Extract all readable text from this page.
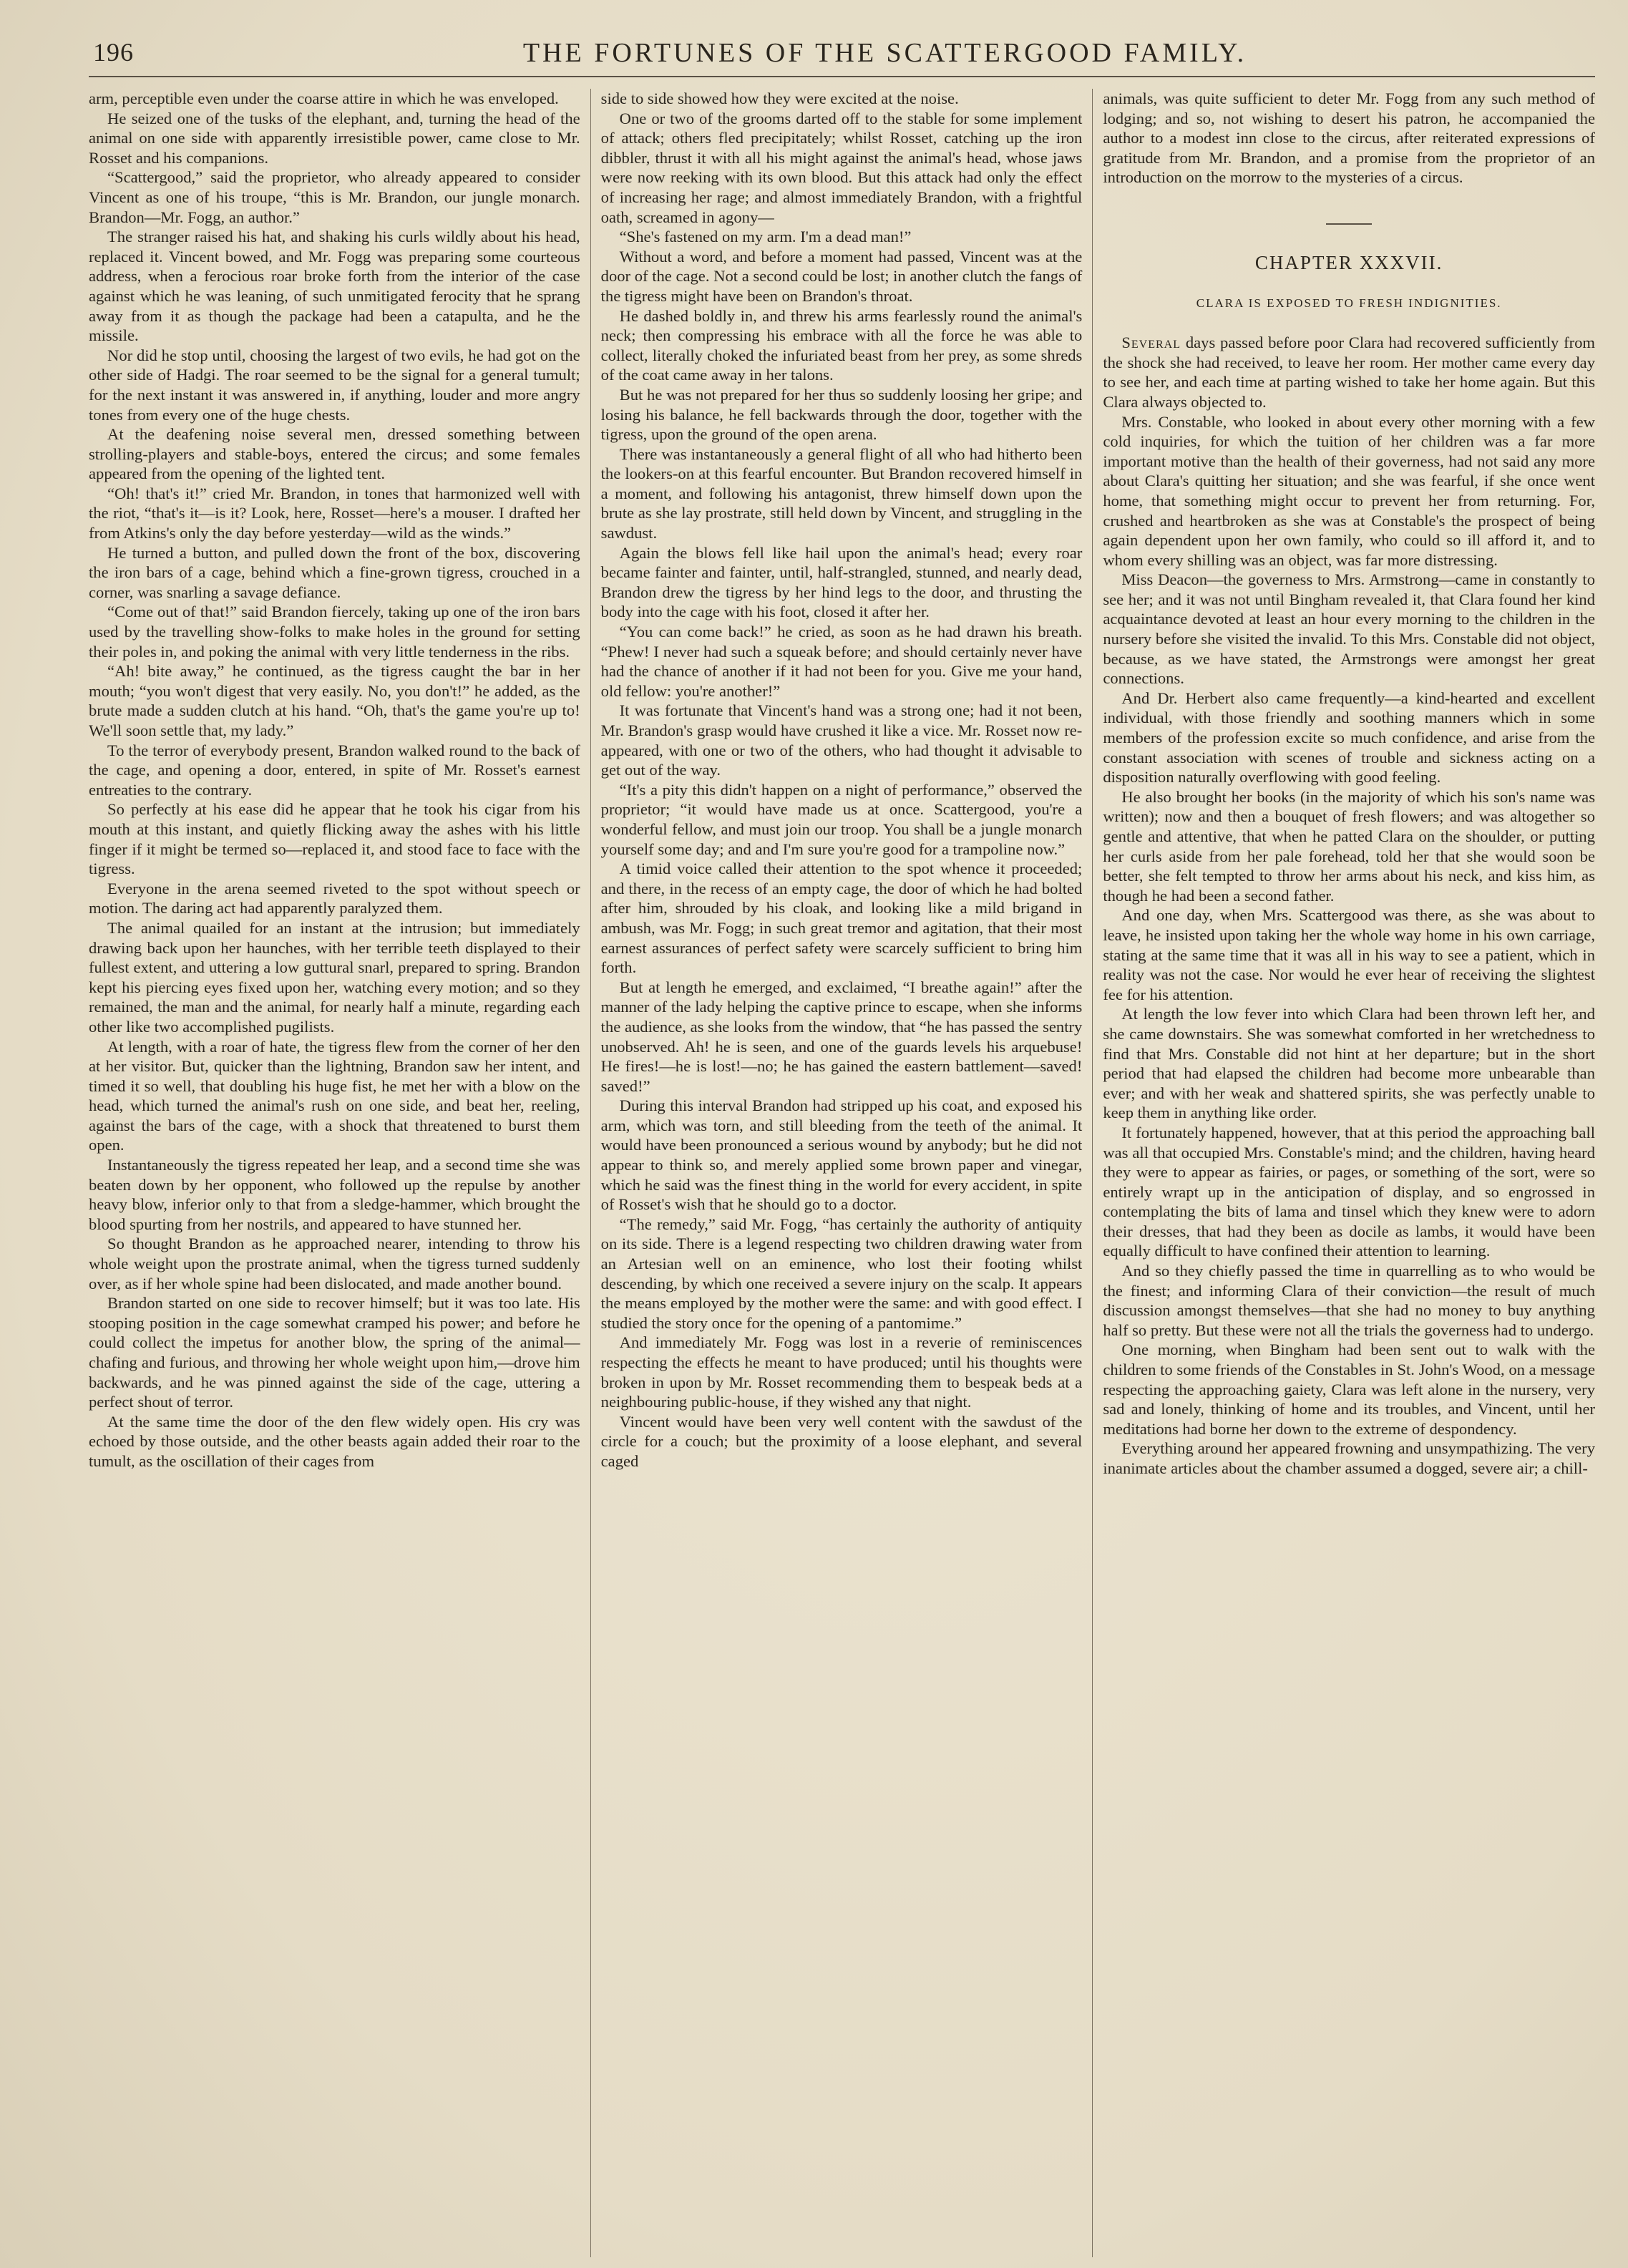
196	THE FORTUNES OF THE SCATTERGOOD FAMILY.

arm, perceptible even under the coarse attire in which he was enveloped.

He seized one of the tusks of the elephant, and, turning the head of the animal on one side with apparently irresistible power, came close to Mr. Rosset and his companions.

“Scattergood,” said the proprietor, who already appeared to consider Vincent as one of his troupe, “this is Mr. Brandon, our jungle monarch. Brandon—Mr. Fogg, an author.”

The stranger raised his hat, and shaking his curls wildly about his head, replaced it. Vincent bowed, and Mr. Fogg was preparing some courteous address, when a ferocious roar broke forth from the interior of the case against which he was leaning, of such unmitigated ferocity that he sprang away from it as though the package had been a catapulta, and he the missile.

Nor did he stop until, choosing the largest of two evils, he had got on the other side of Hadgi. The roar seemed to be the signal for a general tumult; for the next instant it was answered in, if anything, louder and more angry tones from every one of the huge chests.

At the deafening noise several men, dressed something between strolling-players and stable-boys, entered the circus; and some females appeared from the opening of the lighted tent.

“Oh! that's it!” cried Mr. Brandon, in tones that harmonized well with the riot, “that's it—is it? Look, here, Rosset—here's a mouser. I drafted her from Atkins's only the day before yesterday—wild as the winds.”

He turned a button, and pulled down the front of the box, discovering the iron bars of a cage, behind which a fine-grown tigress, crouched in a corner, was snarling a savage defiance.

“Come out of that!” said Brandon fiercely, taking up one of the iron bars used by the travelling show-folks to make holes in the ground for setting their poles in, and poking the animal with very little tenderness in the ribs.

“Ah! bite away,” he continued, as the tigress caught the bar in her mouth; “you won't digest that very easily. No, you don't!” he added, as the brute made a sudden clutch at his hand. “Oh, that's the game you're up to! We'll soon settle that, my lady.”

To the terror of everybody present, Brandon walked round to the back of the cage, and opening a door, entered, in spite of Mr. Rosset's earnest entreaties to the contrary.

So perfectly at his ease did he appear that he took his cigar from his mouth at this instant, and quietly flicking away the ashes with his little finger if it might be termed so—replaced it, and stood face to face with the tigress.

Everyone in the arena seemed riveted to the spot without speech or motion. The daring act had apparently paralyzed them.

The animal quailed for an instant at the intrusion; but immediately drawing back upon her haunches, with her terrible teeth displayed to their fullest extent, and uttering a low guttural snarl, prepared to spring. Brandon kept his piercing eyes fixed upon her, watching every motion; and so they remained, the man and the animal, for nearly half a minute, regarding each other like two accomplished pugilists.

At length, with a roar of hate, the tigress flew from the corner of her den at her visitor. But, quicker than the lightning, Brandon saw her intent, and timed it so well, that doubling his huge fist, he met her with a blow on the head, which turned the animal's rush on one side, and beat her, reeling, against the bars of the cage, with a shock that threatened to burst them open.

Instantaneously the tigress repeated her leap, and a second time she was beaten down by her opponent, who followed up the repulse by another heavy blow, inferior only to that from a sledge-hammer, which brought the blood spurting from her nostrils, and appeared to have stunned her.

So thought Brandon as he approached nearer, intending to throw his whole weight upon the prostrate animal, when the tigress turned suddenly over, as if her whole spine had been dislocated, and made another bound.

Brandon started on one side to recover himself; but it was too late. His stooping position in the cage somewhat cramped his power; and before he could collect the impetus for another blow, the spring of the animal—chafing and furious, and throwing her whole weight upon him,—drove him backwards, and he was pinned against the side of the cage, uttering a perfect shout of terror.

At the same time the door of the den flew widely open. His cry was echoed by those outside, and the other beasts again added their roar to the tumult, as the oscillation of their cages from

side to side showed how they were excited at the noise.

One or two of the grooms darted off to the stable for some implement of attack; others fled precipitately; whilst Rosset, catching up the iron dibbler, thrust it with all his might against the animal's head, whose jaws were now reeking with its own blood. But this attack had only the effect of increasing her rage; and almost immediately Brandon, with a frightful oath, screamed in agony—

“She's fastened on my arm. I'm a dead man!”

Without a word, and before a moment had passed, Vincent was at the door of the cage. Not a second could be lost; in another clutch the fangs of the tigress might have been on Brandon's throat.

He dashed boldly in, and threw his arms fearlessly round the animal's neck; then compressing his embrace with all the force he was able to collect, literally choked the infuriated beast from her prey, as some shreds of the coat came away in her talons.

But he was not prepared for her thus so suddenly loosing her gripe; and losing his balance, he fell backwards through the door, together with the tigress, upon the ground of the open arena.

There was instantaneously a general flight of all who had hitherto been the lookers-on at this fearful encounter. But Brandon recovered himself in a moment, and following his antagonist, threw himself down upon the brute as she lay prostrate, still held down by Vincent, and struggling in the sawdust.

Again the blows fell like hail upon the animal's head; every roar became fainter and fainter, until, half-strangled, stunned, and nearly dead, Brandon drew the tigress by her hind legs to the door, and thrusting the body into the cage with his foot, closed it after her.

“You can come back!” he cried, as soon as he had drawn his breath. “Phew! I never had such a squeak before; and should certainly never have had the chance of another if it had not been for you. Give me your hand, old fellow: you're another!”

It was fortunate that Vincent's hand was a strong one; had it not been, Mr. Brandon's grasp would have crushed it like a vice. Mr. Rosset now re-appeared, with one or two of the others, who had thought it advisable to get out of the way.

“It's a pity this didn't happen on a night of performance,” observed the proprietor; “it would have made us at once. Scattergood, you're a wonderful fellow, and must join our troop. You shall be a jungle monarch yourself some day; and and I'm sure you're good for a trampoline now.”

A timid voice called their attention to the spot whence it proceeded; and there, in the recess of an empty cage, the door of which he had bolted after him, shrouded by his cloak, and looking like a mild brigand in ambush, was Mr. Fogg; in such great tremor and agitation, that their most earnest assurances of perfect safety were scarcely sufficient to bring him forth.

But at length he emerged, and exclaimed, “I breathe again!” after the manner of the lady helping the captive prince to escape, when she informs the audience, as she looks from the window, that “he has passed the sentry unobserved. Ah! he is seen, and one of the guards levels his arquebuse! He fires!—he is lost!—no; he has gained the eastern battlement—saved! saved!”

During this interval Brandon had stripped up his coat, and exposed his arm, which was torn, and still bleeding from the teeth of the animal. It would have been pronounced a serious wound by anybody; but he did not appear to think so, and merely applied some brown paper and vinegar, which he said was the finest thing in the world for every accident, in spite of Rosset's wish that he should go to a doctor.

“The remedy,” said Mr. Fogg, “has certainly the authority of antiquity on its side. There is a legend respecting two children drawing water from an Artesian well on an eminence, who lost their footing whilst descending, by which one received a severe injury on the scalp. It appears the means employed by the mother were the same: and with good effect. I studied the story once for the opening of a pantomime.”

And immediately Mr. Fogg was lost in a reverie of reminiscences respecting the effects he meant to have produced; until his thoughts were broken in upon by Mr. Rosset recommending them to bespeak beds at a neighbouring public-house, if they wished any that night.

Vincent would have been very well content with the sawdust of the circle for a couch; but the proximity of a loose elephant, and several caged

animals, was quite sufficient to deter Mr. Fogg from any such method of lodging; and so, not wishing to desert his patron, he accompanied the author to a modest inn close to the circus, after reiterated expressions of gratitude from Mr. Brandon, and a promise from the proprietor of an introduction on the morrow to the mysteries of a circus.

CHAPTER XXXVII.
CLARA IS EXPOSED TO FRESH INDIGNITIES.

Several days passed before poor Clara had recovered sufficiently from the shock she had received, to leave her room. Her mother came every day to see her, and each time at parting wished to take her home again. But this Clara always objected to.

Mrs. Constable, who looked in about every other morning with a few cold inquiries, for which the tuition of her children was a far more important motive than the health of their governess, had not said any more about Clara's quitting her situation; and she was fearful, if she once went home, that something might occur to prevent her from returning. For, crushed and heartbroken as she was at Constable's the prospect of being again dependent upon her own family, who could so ill afford it, and to whom every shilling was an object, was far more distressing.

Miss Deacon—the governess to Mrs. Armstrong—came in constantly to see her; and it was not until Bingham revealed it, that Clara found her kind acquaintance devoted at least an hour every morning to the children in the nursery before she visited the invalid. To this Mrs. Constable did not object, because, as we have stated, the Armstrongs were amongst her great connections.

And Dr. Herbert also came frequently—a kind-hearted and excellent individual, with those friendly and soothing manners which in some members of the profession excite so much confidence, and arise from the constant association with scenes of trouble and sickness acting on a disposition naturally overflowing with good feeling.

He also brought her books (in the majority of which his son's name was written); now and then a bouquet of fresh flowers; and was altogether so gentle and attentive, that when he patted Clara on the shoulder, or putting her curls aside from her pale forehead, told her that she would soon be better, she felt tempted to throw her arms about his neck, and kiss him, as though he had been a second father.

And one day, when Mrs. Scattergood was there, as she was about to leave, he insisted upon taking her the whole way home in his own carriage, stating at the same time that it was all in his way to see a patient, which in reality was not the case. Nor would he ever hear of receiving the slightest fee for his attention.

At length the low fever into which Clara had been thrown left her, and she came downstairs. She was somewhat comforted in her wretchedness to find that Mrs. Constable did not hint at her departure; but in the short period that had elapsed the children had become more unbearable than ever; and with her weak and shattered spirits, she was perfectly unable to keep them in anything like order.

It fortunately happened, however, that at this period the approaching ball was all that occupied Mrs. Constable's mind; and the children, having heard they were to appear as fairies, or pages, or something of the sort, were so entirely wrapt up in the anticipation of display, and so engrossed in contemplating the bits of lama and tinsel which they knew were to adorn their dresses, that had they been as docile as lambs, it would have been equally difficult to have confined their attention to learning.

And so they chiefly passed the time in quarrelling as to who would be the finest; and informing Clara of their conviction—the result of much discussion amongst themselves—that she had no money to buy anything half so pretty. But these were not all the trials the governess had to undergo.

One morning, when Bingham had been sent out to walk with the children to some friends of the Constables in St. John's Wood, on a message respecting the approaching gaiety, Clara was left alone in the nursery, very sad and lonely, thinking of home and its troubles, and Vincent, until her meditations had borne her down to the extreme of despondency.

Everything around her appeared frowning and unsympathizing. The very inanimate articles about the chamber assumed a dogged, severe air; a chill-
